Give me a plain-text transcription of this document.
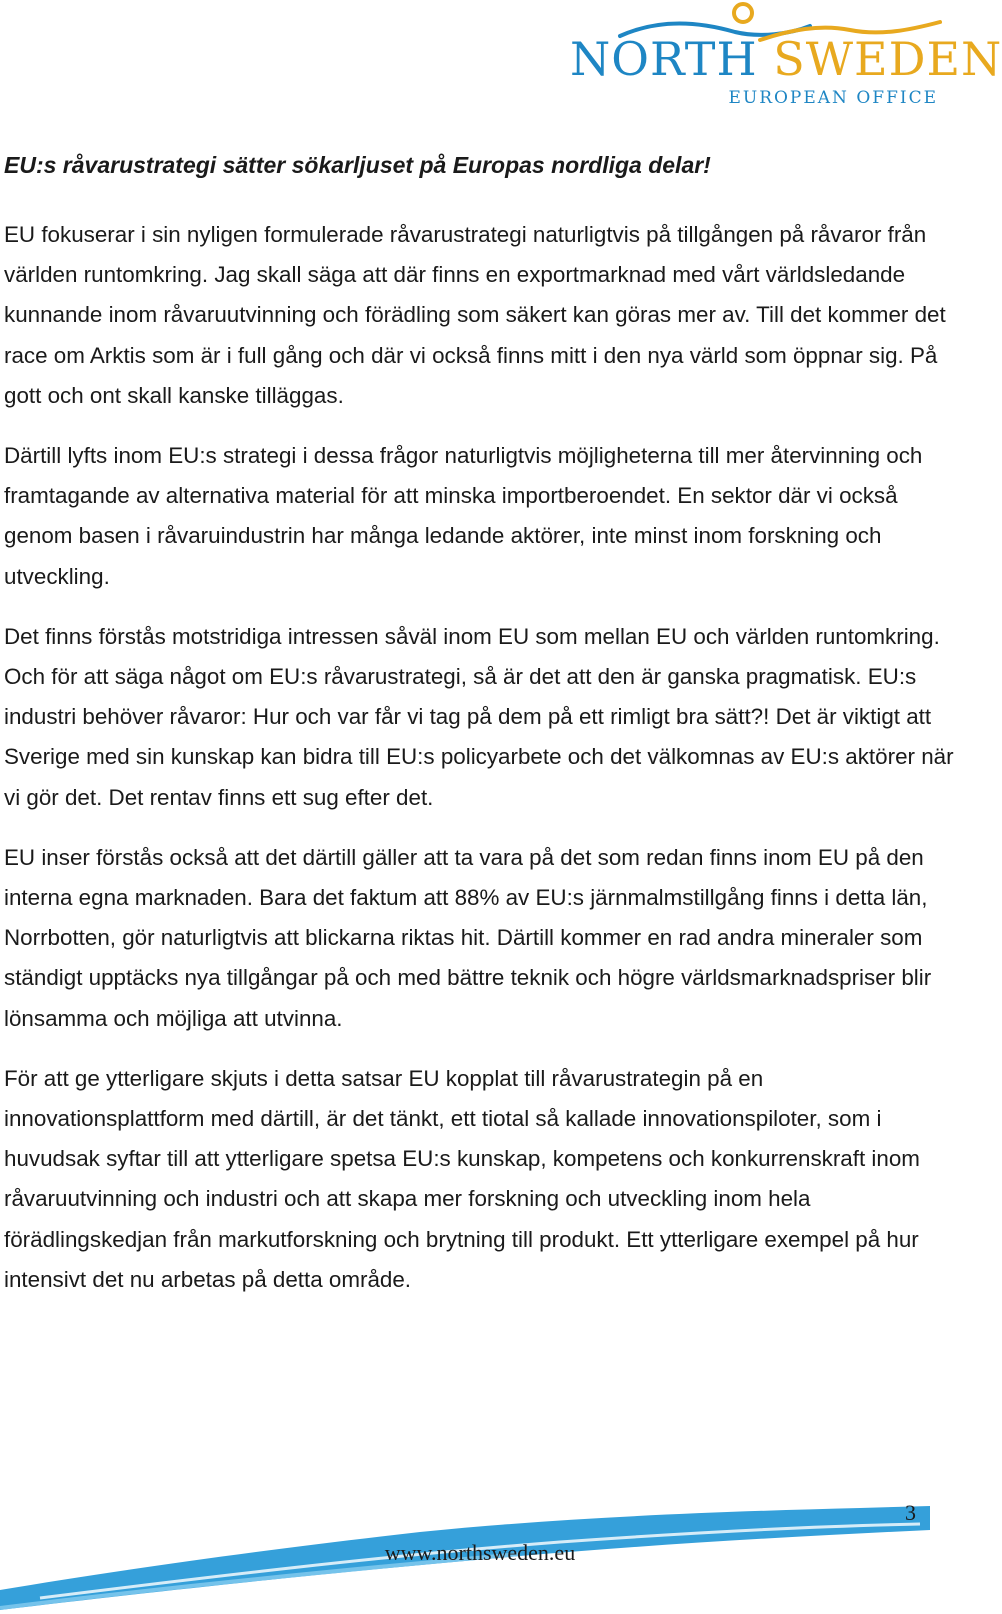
NORTH SWEDEN
EUROPEAN OFFICE

EU:s råvarustrategi sätter sökarljuset på Europas nordliga delar!

EU fokuserar i sin nyligen formulerade råvarustrategi naturligtvis på tillgången på råvaror från världen runtomkring. Jag skall säga att där finns en exportmarknad med vårt världsledande kunnande inom råvaruutvinning och förädling som säkert kan göras mer av. Till det kommer det race om Arktis som är i full gång och där vi också finns mitt i den nya värld som öppnar sig. På gott och ont skall kanske tilläggas.

Därtill lyfts inom EU:s strategi i dessa frågor naturligtvis möjligheterna till mer återvinning och framtagande av alternativa material för att minska importberoendet. En sektor där vi också genom basen i råvaruindustrin har många ledande aktörer, inte minst inom forskning och utveckling.

Det finns förstås motstridiga intressen såväl inom EU som mellan EU och världen runtomkring. Och för att säga något om EU:s råvarustrategi, så är det att den är ganska pragmatisk. EU:s industri behöver råvaror: Hur och var får vi tag på dem på ett rimligt bra sätt?! Det är viktigt att Sverige med sin kunskap kan bidra till EU:s policyarbete och det välkomnas av EU:s aktörer när vi gör det. Det rentav finns ett sug efter det.

EU inser förstås också att det därtill gäller att ta vara på det som redan finns inom EU på den interna egna marknaden. Bara det faktum att 88% av EU:s järnmalmstillgång finns i detta län, Norrbotten, gör naturligtvis att blickarna riktas hit. Därtill kommer en rad andra mineraler som ständigt upptäcks nya tillgångar på och med bättre teknik och högre världsmarknadspriser blir lönsamma och möjliga att utvinna.

För att ge ytterligare skjuts i detta satsar EU kopplat till råvarustrategin på en innovationsplattform med därtill, är det tänkt, ett tiotal så kallade innovationspiloter, som i huvudsak syftar till att ytterligare spetsa EU:s kunskap, kompetens och konkurrenskraft inom råvaruutvinning och industri och att skapa mer forskning och utveckling inom hela förädlingskedjan från markutforskning och brytning till produkt. Ett ytterligare exempel på hur intensivt det nu arbetas på detta område.

3
www.northsweden.eu
